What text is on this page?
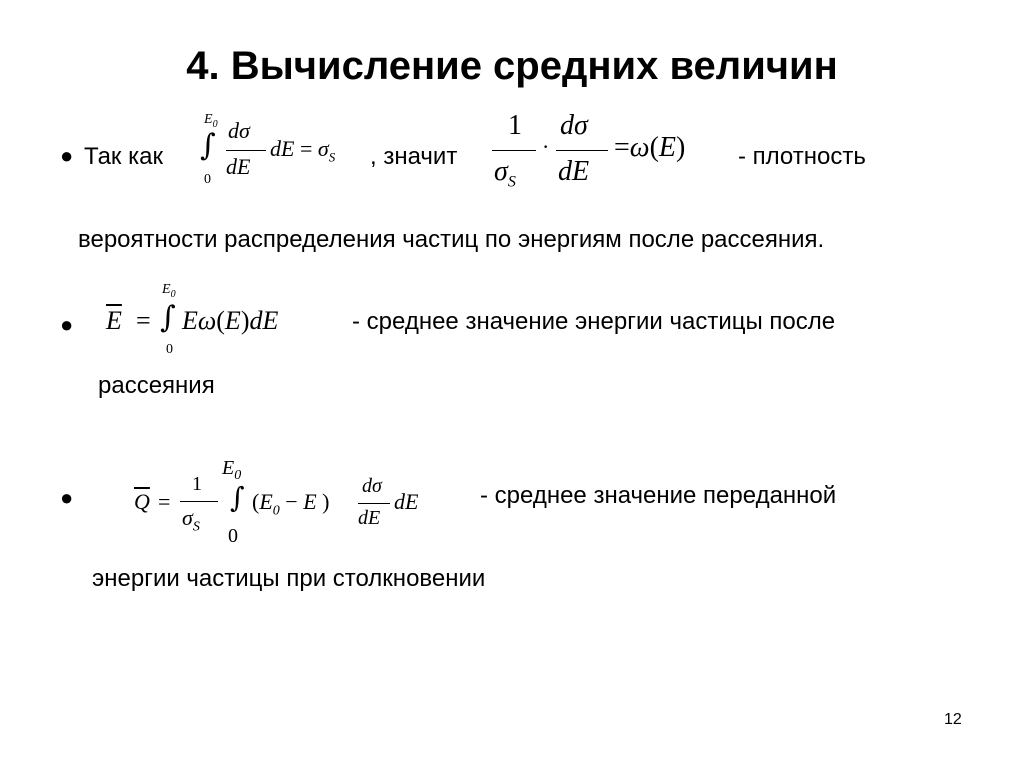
4. Вычисление средних величин
● Так как
$E_0$
∫
0
dσ
dE
dE = $\sigma_S$ , значит
1
$\sigma_S$
·
dσ
dE
=ω(E) - плотность
вероятности распределения частиц по энергиям после рассеяния.
● $\overline{E}$ =
$E_0$
∫
0
Eω(E)dE	- среднее значение энергии частицы после
рассеяния
●	$\overline{Q}$ =
1
$\sigma_S$
$E_0$
∫
0
($E_0 - E$ )
dσ
dE
dE	- среднее значение переданной
энергии частицы при столкновении
12
